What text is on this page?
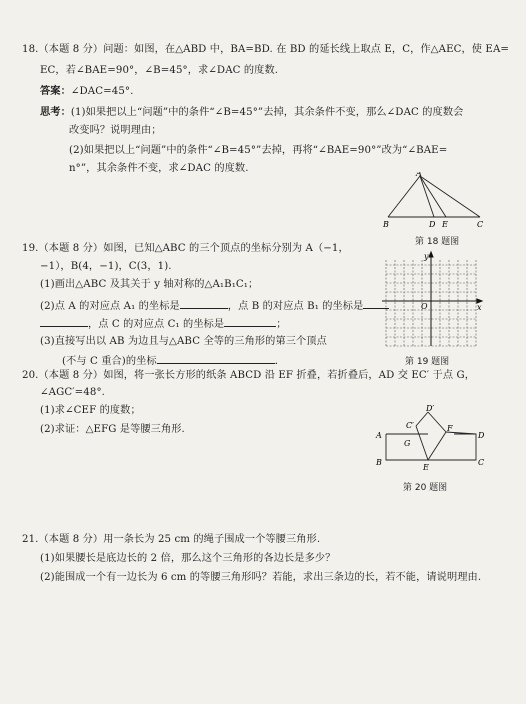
18.（本题 8 分）问题：如图，在△ABD 中，BA=BD. 在 BD 的延长线上取点 E，C，作△AEC，使 EA=
EC，若∠BAE=90°，∠B=45°，求∠DAC 的度数.
答案：∠DAC=45°.
思考：(1)如果把以上“问题”中的条件“∠B=45°”去掉，其余条件不变，那么∠DAC 的度数会
改变吗？说明理由；
(2)如果把以上“问题”中的条件“∠B=45°”去掉，再将“∠BAE=90°”改为“∠BAE=
n°”，其余条件不变，求∠DAC 的度数.	A
B	D E	C
第 18 题图
19.（本题 8 分）如图，已知△ABC 的三个顶点的坐标分别为 A（−1，
−1），B(4，−1)，C(3，1).
(1)画出△ABC 及其关于 y 轴对称的△A₁B₁C₁；
(2)点 A 的对应点 A₁ 的坐标是	，点 B 的对应点 B₁ 的坐标是
，点 C 的对应点 C₁ 的坐标是	；
(3)直接写出以 AB 为边且与△ABC 全等的三角形的第三个顶点
(不与 C 重合)的坐标	．
y
x
O
第 19 题图
20.（本题 8 分）如图，将一张长方形的纸条 ABCD 沿 EF 折叠，若折叠后，AD 交 EC′ 于点 G，
∠AGC′=48°.
(1)求∠CEF 的度数；
(2)求证：△EFG 是等腰三角形.
A
B	C
D
D′
C′
G
F
E
第 20 题图
21.（本题 8 分）用一条长为 25 cm 的绳子围成一个等腰三角形.
(1)如果腰长是底边长的 2 倍，那么这个三角形的各边长是多少？
(2)能围成一个有一边长为 6 cm 的等腰三角形吗？若能，求出三条边的长，若不能，请说明理由.
